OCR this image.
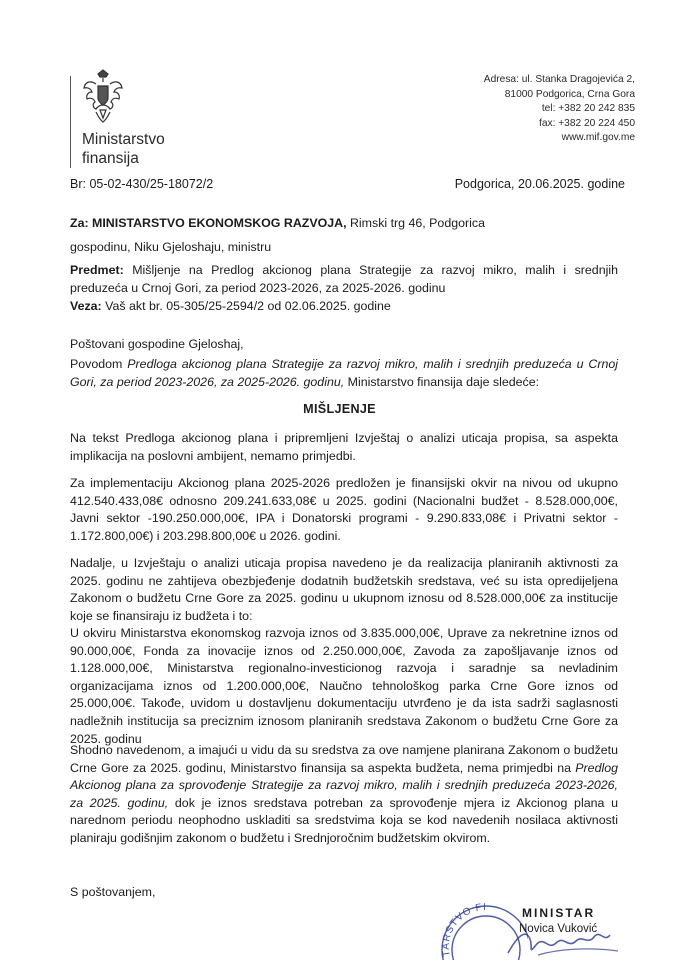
Ministarstvo
finansija
Adresa: ul. Stanka Dragojevića 2,
81000 Podgorica, Crna Gora
tel: +382 20 242 835
fax: +382 20 224 450
www.mif.gov.me
Br: 05-02-430/25-18072/2	Podgorica, 20.06.2025. godine
Za: MINISTARSTVO EKONOMSKOG RAZVOJA, Rimski trg 46, Podgorica
gospodinu, Niku Gjeloshaju, ministru
Predmet: Mišljenje na Predlog akcionog plana Strategije za razvoj mikro, malih i srednjih preduzeća u Crnoj Gori, za period 2023-2026, za 2025-2026. godinu
Veza: Vaš akt br. 05-305/25-2594/2 od 02.06.2025. godine
Poštovani gospodine Gjeloshaj,
Povodom Predloga akcionog plana Strategije za razvoj mikro, malih i srednjih preduzeća u Crnoj Gori, za period 2023-2026, za 2025-2026. godinu, Ministarstvo finansija daje sledeće:
MIŠLJENJE
Na tekst Predloga akcionog plana i pripremljeni Izvještaj o analizi uticaja propisa, sa aspekta implikacija na poslovni ambijent, nemamo primjedbi.
Za implementaciju Akcionog plana 2025-2026 predložen je finansijski okvir na nivou od ukupno 412.540.433,08€ odnosno 209.241.633,08€ u 2025. godini (Nacionalni budžet - 8.528.000,00€, Javni sektor -190.250.000,00€, IPA i Donatorski programi - 9.290.833,08€ i Privatni sektor - 1.172.800,00€) i 203.298.800,00€ u 2026. godini.
Nadalje, u Izvještaju o analizi uticaja propisa navedeno je da realizacija planiranih aktivnosti za 2025. godinu ne zahtijeva obezbjeđenje dodatnih budžetskih sredstava, već su ista opredijeljena Zakonom o budžetu Crne Gore za 2025. godinu u ukupnom iznosu od 8.528.000,00€ za institucije koje se finansiraju iz budžeta i to:
U okviru Ministarstva ekonomskog razvoja iznos od 3.835.000,00€, Uprave za nekretnine iznos od 90.000,00€, Fonda za inovacije iznos od 2.250.000,00€, Zavoda za zapošljavanje iznos od 1.128.000,00€, Ministarstva regionalno-investicionog razvoja i saradnje sa nevladinim organizacijama iznos od 1.200.000,00€, Naučno tehnološkog parka Crne Gore iznos od 25.000,00€. Takođe, uvidom u dostavljenu dokumentaciju utvrđeno je da ista sadrži saglasnosti nadležnih institucija sa preciznim iznosom planiranih sredstava Zakonom o budžetu Crne Gore za 2025. godinu
Shodno navedenom, a imajući u vidu da su sredstva za ove namjene planirana Zakonom o budžetu Crne Gore za 2025. godinu, Ministarstvo finansija sa aspekta budžeta, nema primjedbi na Predlog Akcionog plana za sprovođenje Strategije za razvoj mikro, malih i srednjih preduzeća 2023-2026, za 2025. godinu, dok je iznos sredstava potreban za sprovođenje mjera iz Akcionog plana u narednom periodu neophodno uskladiti sa sredstvima koja se kod navedenih nosilaca aktivnosti planiraju godišnjim zakonom o budžetu i Srednjoročnim budžetskim okvirom.
S poštovanjem,
TARSTVO FI	MINISTAR
Novica Vuković
